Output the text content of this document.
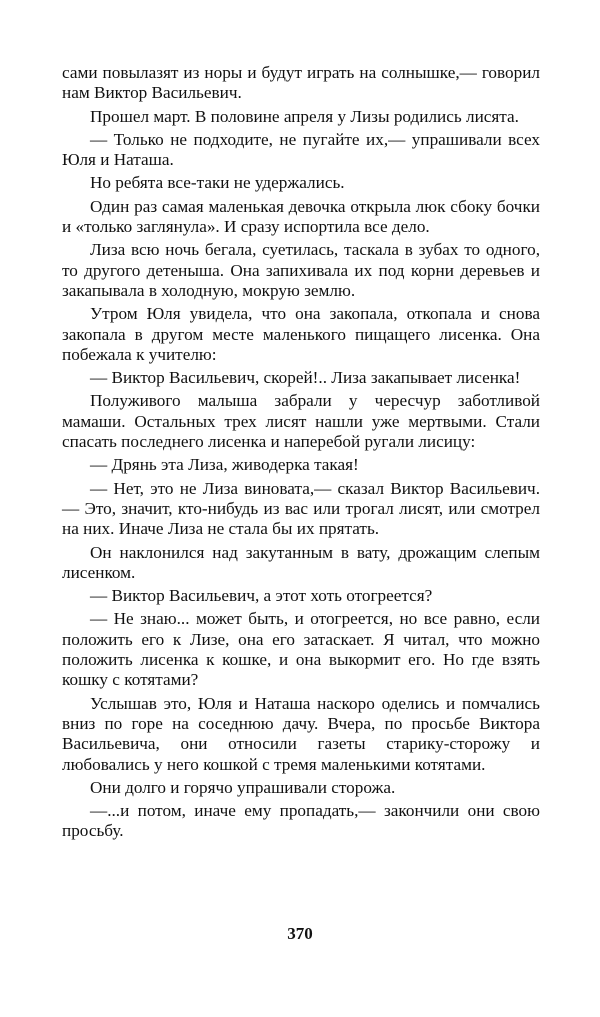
сами повылазят из норы и будут играть на солнышке,— говорил нам Виктор Васильевич.

Прошел март. В половине апреля у Лизы родились лисята.

— Только не подходите, не пугайте их,— упрашивали всех Юля и Наташа.

Но ребята все-таки не удержались.

Один раз самая маленькая девочка открыла люк сбоку бочки и «только заглянула». И сразу испортила все дело.

Лиза всю ночь бегала, суетилась, таскала в зубах то одного, то другого детеныша. Она запихивала их под корни деревьев и закапывала в холодную, мокрую землю.

Утром Юля увидела, что она закопала, откопала и снова закопала в другом месте маленького пищащего лисенка. Она побежала к учителю:

— Виктор Васильевич, скорей!.. Лиза закапывает лисенка!

Полуживого малыша забрали у чересчур заботливой мамаши. Остальных трех лисят нашли уже мертвыми. Стали спасать последнего лисенка и наперебой ругали лисицу:

— Дрянь эта Лиза, живодерка такая!

— Нет, это не Лиза виновата,— сказал Виктор Васильевич.— Это, значит, кто-нибудь из вас или трогал лисят, или смотрел на них. Иначе Лиза не стала бы их прятать.

Он наклонился над закутанным в вату, дрожащим слепым лисенком.

— Виктор Васильевич, а этот хоть отогреется?

— Не знаю... может быть, и отогреется, но все равно, если положить его к Лизе, она его затаскает. Я читал, что можно положить лисенка к кошке, и она выкормит его. Но где взять кошку с котятами?

Услышав это, Юля и Наташа наскоро оделись и помчались вниз по горе на соседнюю дачу. Вчера, по просьбе Виктора Васильевича, они относили газеты старику-сторожу и любовались у него кошкой с тремя маленькими котятами.

Они долго и горячо упрашивали сторожа.

—...и потом, иначе ему пропадать,— закончили они свою просьбу.

370
